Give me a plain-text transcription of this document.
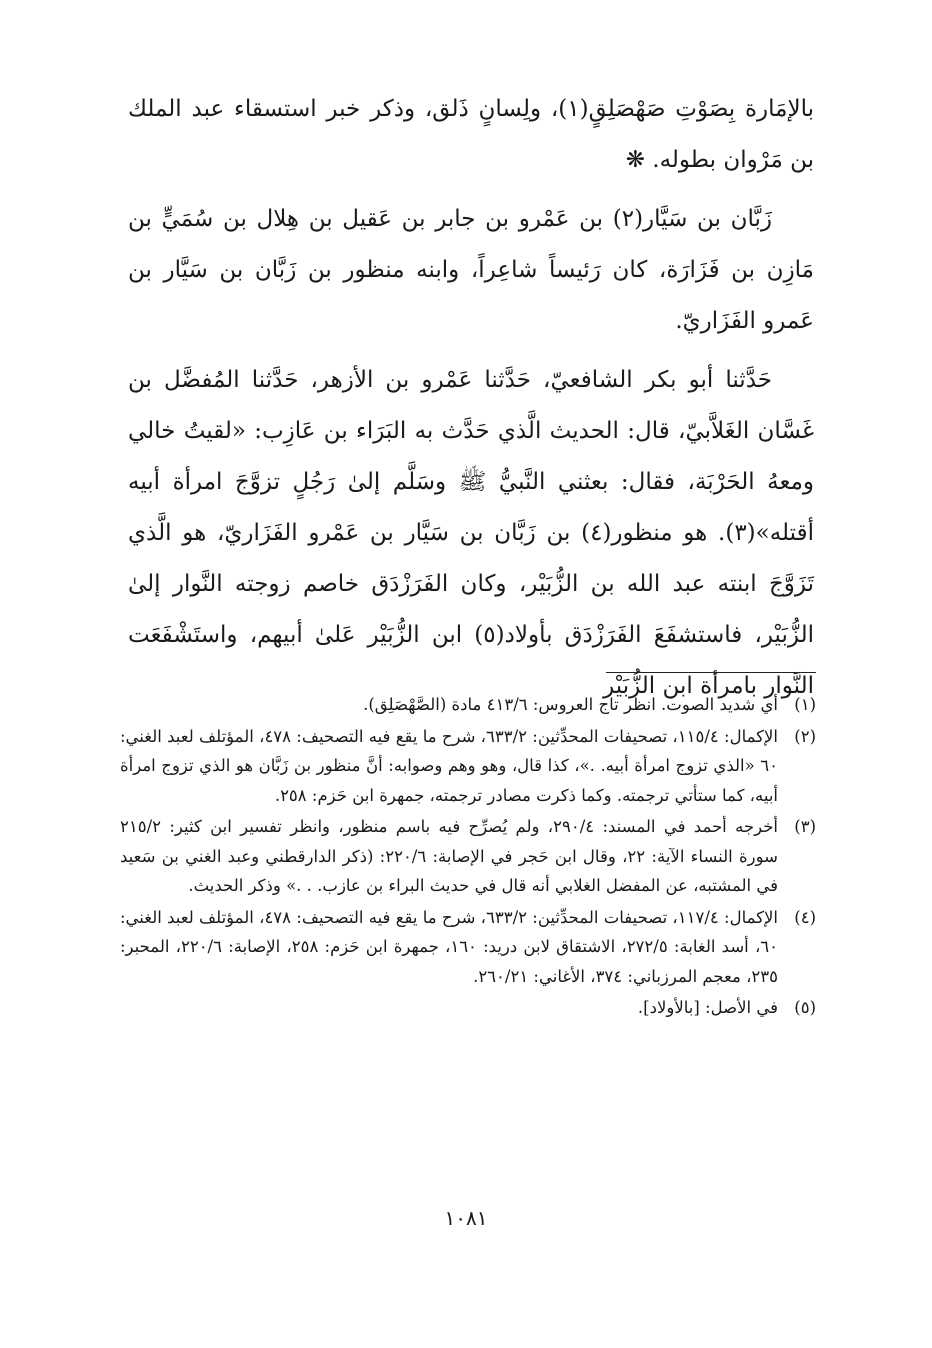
بالإمَارة بِصَوْتِ صَهْصَلِقٍ(١)، ولِسانٍ ذَلق، وذكر خبر استسقاء عبد الملك بن مَرْوان بطوله. ❋

زَبَّان بن سَيَّار(٢) بن عَمْرو بن جابر بن عَقيل بن هِلال بن سُمَيٍّ بن مَازِن بن فَزَارَة، كان رَئيساً شاعِراً، وابنه منظور بن زَبَّان بن سَيَّار بن عَمرو الفَزَاريّ.

حَدَّثنا أبو بكر الشافعيّ، حَدَّثنا عَمْرو بن الأزهر، حَدَّثنا المُفضَّل بن غَسَّان الغَلاَّبيّ، قال: الحديث الَّذي حَدَّث به البَرَاء بن عَازِب: «لقيتُ خالي ومعهُ الحَرْبَة، فقال: بعثني النَّبيُّ ﷺ وسَلَّم إلىٰ رَجُلٍ تزوَّجَ امرأة أبيه أقتله»(٣). هو منظور(٤) بن زَبَّان بن سَيَّار بن عَمْرو الفَزَاريّ، هو الَّذي تَزَوَّجَ ابنته عبد الله بن الزُّبَيْر، وكان الفَرَزْدَق خاصم زوجته النَّوار إلىٰ الزُّبَيْر، فاستشفَعَ الفَرَزْدَق بأولاد(٥) ابن الزُّبَيْر عَلىٰ أبيهم، واستَشْفَعَت النَّوار بامرأة ابن الزُّبَيْر

(١)
أي شديد الصوت. انظر تاج العروس: ٤١٣/٦ مادة (الصَّهْصَلِق).
(٢)
الإكمال: ١١٥/٤، تصحيفات المحدِّثين: ٦٣٣/٢، شرح ما يقع فيه التصحيف: ٤٧٨، المؤتلف لعبد الغني: ٦٠ «الذي تزوج امرأة أبيه. .»، كذا قال، وهو وهم وصوابه: أنَّ منظور بن زَبَّان هو الذي تزوج امرأة أبيه، كما ستأتي ترجمته. وكما ذكرت مصادر ترجمته، جمهرة ابن حَزم: ٢٥٨.
(٣)
أخرجه أحمد في المسند: ٢٩٠/٤، ولم يُصرِّح فيه باسم منظور، وانظر تفسير ابن كثير: ٢١٥/٢ سورة النساء الآية: ٢٢، وقال ابن حَجر في الإصابة: ٢٢٠/٦: (ذكر الدارقطني وعبد الغني بن سَعيد في المشتبه، عن المفضل الغلابي أنه قال في حديث البراء بن عازب. . .» وذكر الحديث.
(٤)
الإكمال: ١١٧/٤، تصحيفات المحدِّثين: ٦٣٣/٢، شرح ما يقع فيه التصحيف: ٤٧٨، المؤتلف لعبد الغني: ٦٠، أسد الغابة: ٢٧٢/٥، الاشتقاق لابن دريد: ١٦٠، جمهرة ابن حَزم: ٢٥٨، الإصابة: ٢٢٠/٦، المحبر: ٢٣٥، معجم المرزباني: ٣٧٤، الأغاني: ٢٦٠/٢١.
(٥)
في الأصل: [بالأولاد].
١٠٨١
